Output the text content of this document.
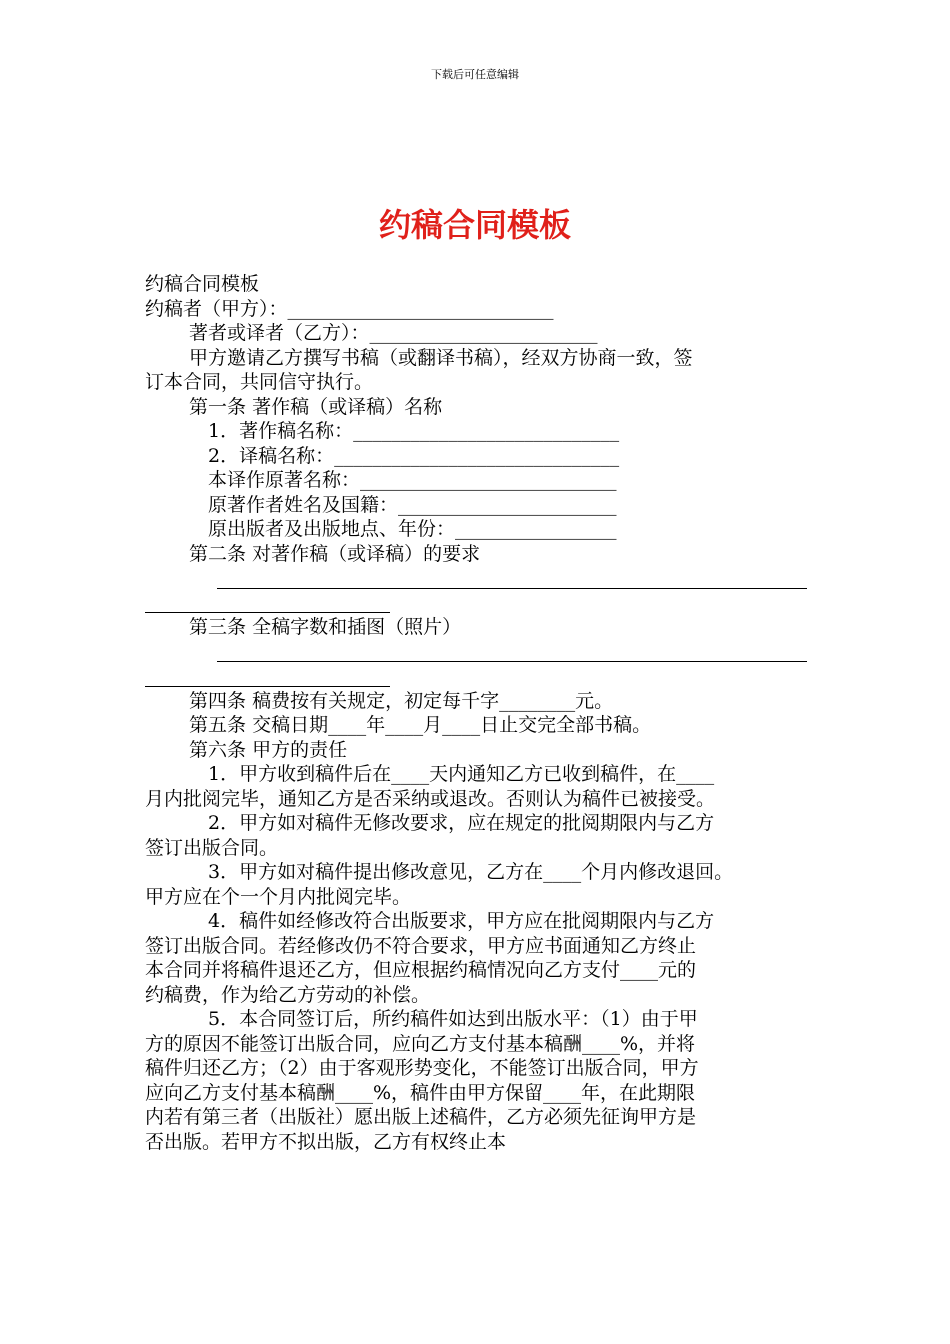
下载后可任意编辑
约稿合同模板
约稿合同模板
约稿者（甲方）：____________________________
　　 著者或译者（乙方）：________________________
　　 甲方邀请乙方撰写书稿（或翻译书稿），经双方协商一致，签
订本合同，共同信守执行。
　　 第一条 著作稿（或译稿）名称
　　　 1．著作稿名称：____________________________
　　　 2．译稿名称：______________________________
　　　 本译作原著名称：___________________________
　　　 原著作者姓名及国籍：_______________________
　　　 原出版者及出版地点、年份：_________________
　　 第二条 对著作稿（或译稿）的要求
　　 第三条 全稿字数和插图（照片）
　　 第四条 稿费按有关规定，初定每千字________元。
　　 第五条 交稿日期____年____月____日止交完全部书稿。
　　 第六条 甲方的责任
　　　 1．甲方收到稿件后在____天内通知乙方已收到稿件，在____
月内批阅完毕，通知乙方是否采纳或退改。否则认为稿件已被接受。
　　　 2．甲方如对稿件无修改要求，应在规定的批阅期限内与乙方
签订出版合同。
　　　 3．甲方如对稿件提出修改意见，乙方在____个月内修改退回。
甲方应在个一个月内批阅完毕。
　　　 4．稿件如经修改符合出版要求，甲方应在批阅期限内与乙方
签订出版合同。若经修改仍不符合要求，甲方应书面通知乙方终止
本合同并将稿件退还乙方，但应根据约稿情况向乙方支付____元的
约稿费，作为给乙方劳动的补偿。
　　　 5．本合同签订后，所约稿件如达到出版水平：（1）由于甲
方的原因不能签订出版合同，应向乙方支付基本稿酬____%，并将
稿件归还乙方；（2）由于客观形势变化，不能签订出版合同，甲方
应向乙方支付基本稿酬____%，稿件由甲方保留____年，在此期限
内若有第三者（出版社）愿出版上述稿件，乙方必须先征询甲方是
否出版。若甲方不拟出版，乙方有权终止本
